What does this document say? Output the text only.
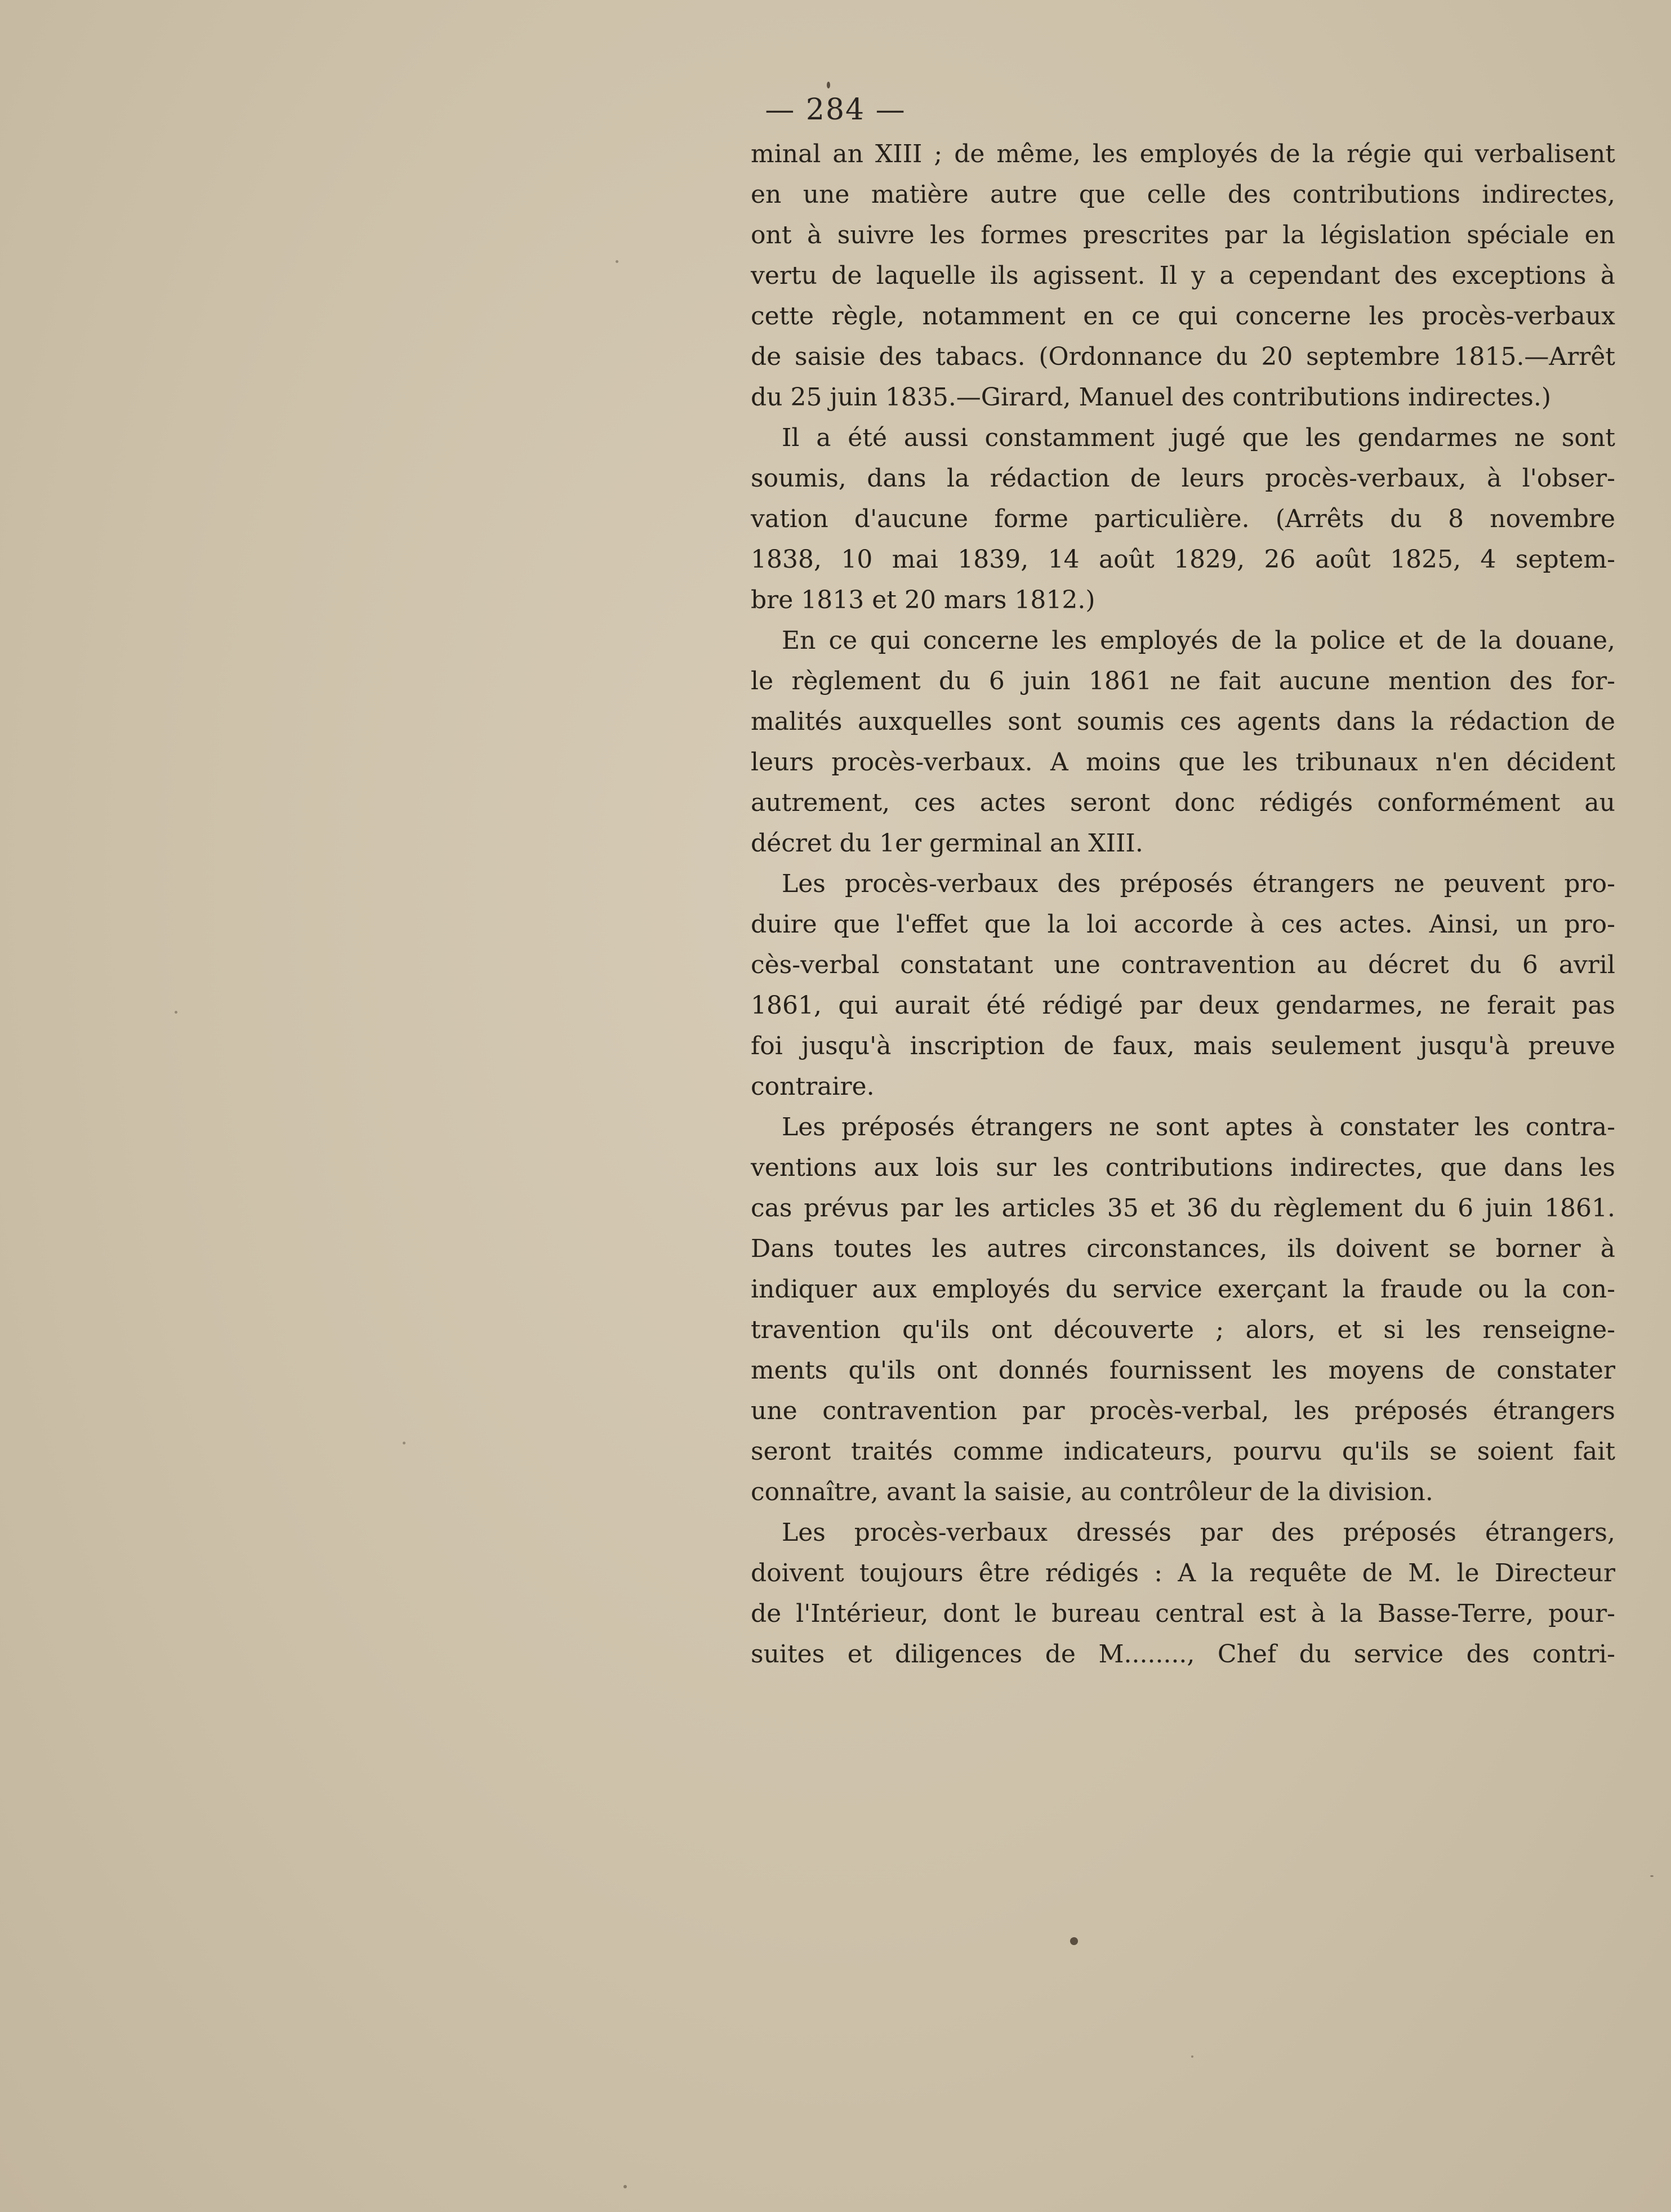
— 284 —
minal an XIII ; de même, les employés de la régie qui verbalisent
en une matière autre que celle des contributions indirectes,
ont à suivre les formes prescrites par la législation spéciale en
vertu de laquelle ils agissent. Il y a cependant des exceptions à
cette règle, notamment en ce qui concerne les procès-verbaux
de saisie des tabacs. (Ordonnance du 20 septembre 1815.—Arrêt
du 25 juin 1835.—Girard, Manuel des contributions indirectes.)
Il a été aussi constamment jugé que les gendarmes ne sont
soumis, dans la rédaction de leurs procès-verbaux, à l'obser-
vation d'aucune forme particulière. (Arrêts du 8 novembre
1838, 10 mai 1839, 14 août 1829, 26 août 1825, 4 septem-
bre 1813 et 20 mars 1812.)
En ce qui concerne les employés de la police et de la douane,
le règlement du 6 juin 1861 ne fait aucune mention des for-
malités auxquelles sont soumis ces agents dans la rédaction de
leurs procès-verbaux. A moins que les tribunaux n'en décident
autrement, ces actes seront donc rédigés conformément au
décret du 1er germinal an XIII.
Les procès-verbaux des préposés étrangers ne peuvent pro-
duire que l'effet que la loi accorde à ces actes. Ainsi, un pro-
cès-verbal constatant une contravention au décret du 6 avril
1861, qui aurait été rédigé par deux gendarmes, ne ferait pas
foi jusqu'à inscription de faux, mais seulement jusqu'à preuve
contraire.
Les préposés étrangers ne sont aptes à constater les contra-
ventions aux lois sur les contributions indirectes, que dans les
cas prévus par les articles 35 et 36 du règlement du 6 juin 1861.
Dans toutes les autres circonstances, ils doivent se borner à
indiquer aux employés du service exerçant la fraude ou la con-
travention qu'ils ont découverte ; alors, et si les renseigne-
ments qu'ils ont donnés fournissent les moyens de constater
une contravention par procès-verbal, les préposés étrangers
seront traités comme indicateurs, pourvu qu'ils se soient fait
connaître, avant la saisie, au contrôleur de la division.
Les procès-verbaux dressés par des préposés étrangers,
doivent toujours être rédigés : A la requête de M. le Directeur
de l'Intérieur, dont le bureau central est à la Basse-Terre, pour-
suites et diligences de M........, Chef du service des contri-
